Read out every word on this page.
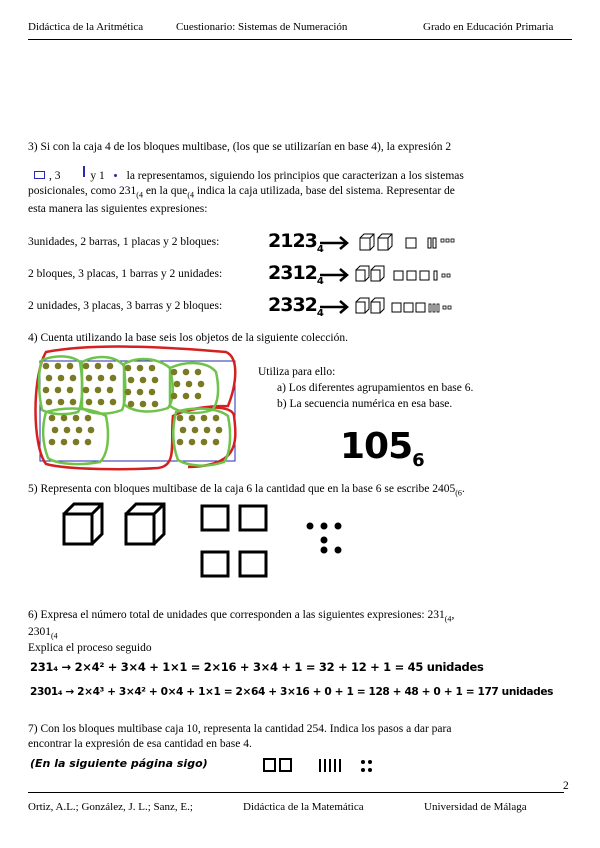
Didáctica de la Aritmética	Cuestionario: Sistemas de Numeración	Grado en Educación Primaria

3) Si con la caja 4 de los bloques multibase, (los que se utilizarían en base 4), la expresión 2

, 3	y 1 la representamos, siguiendo los principios que caracterizan a los sistemas

posicionales, como $231_{(4}$ en la que$_{(4}$ indica la caja utilizada, base del sistema. Representar de

esta manera las siguientes expresiones:

3unidades, 2 barras, 1 placas y 2 bloques:	$2123_4$
2 bloques, 3 placas, 1 barras y 2 unidades: $2312_4$
2 unidades, 3 placas, 3 barras y 2 bloques: $2332_4$
4) Cuenta utilizando la base seis los objetos de la siguiente colección.
Utiliza para ello:
a) Los diferentes agrupamientos en base 6.
b) La secuencia numérica en esa base.
$105_6$
5) Representa con bloques multibase de la caja 6 la cantidad que en la base 6 se escribe $2405_{(6}$.

6) Expresa el número total de unidades que corresponden a las siguientes expresiones: $231_{(4}$,

$2301_{(4}$

Explica el proceso seguido
231₄ → 2×4² + 3×4 + 1×1 = 2×16 + 3×4 + 1 = 32 + 12 + 1 = 45 unidades
2301₄ → 2×4³ + 3×4² + 0×4 + 1×1 = 2×64 + 3×16 + 0 + 1 = 128 + 48 + 0 + 1 = 177 unidades

7) Con los bloques multibase caja 10, representa la cantidad 254. Indica los pasos a dar para

encontrar la expresión de esa cantidad en base 4.

(En la siguiente página sigo)
2
Ortiz, A.L.; González, J. L.; Sanz, E.;	Didáctica de la Matemática	Universidad de Málaga
